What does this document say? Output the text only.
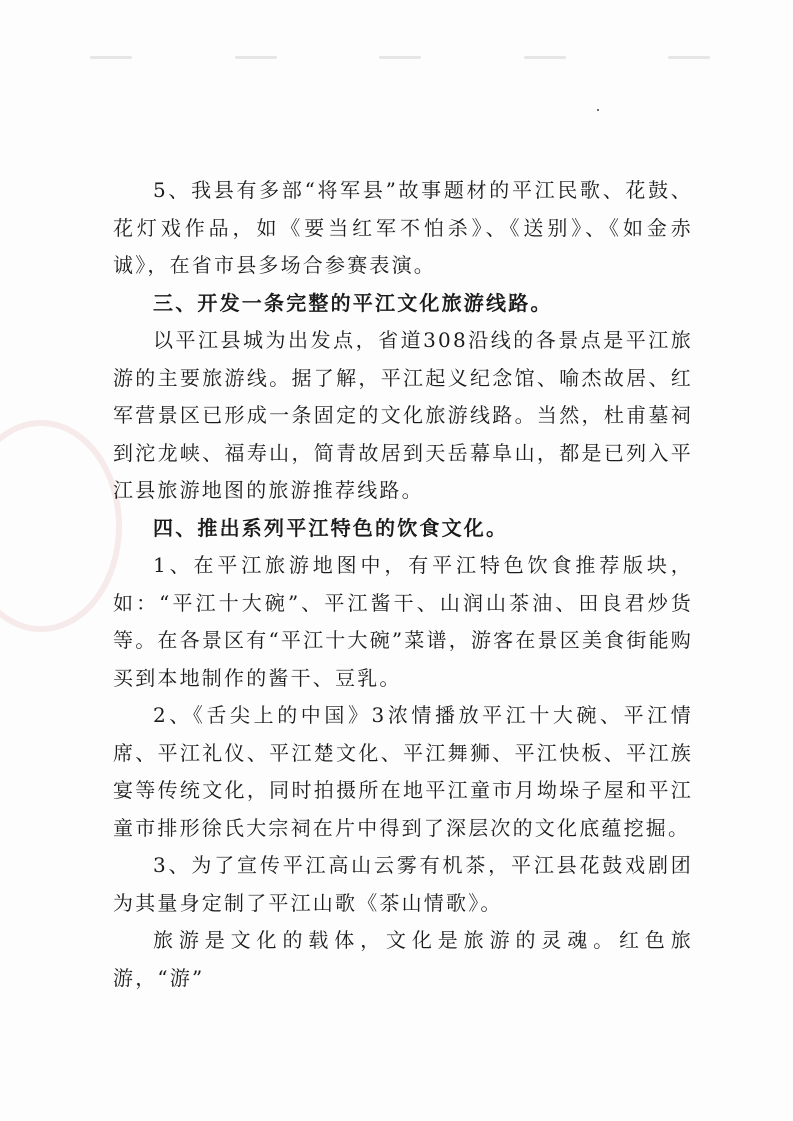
5、我县有多部“将军县”故事题材的平江民歌、花鼓、花灯戏作品，如《要当红军不怕杀》、《送别》、《如金赤诚》，在省市县多场合参赛表演。

三、开发一条完整的平江文化旅游线路。

以平江县城为出发点，省道308沿线的各景点是平江旅游的主要旅游线。据了解，平江起义纪念馆、喻杰故居、红军营景区已形成一条固定的文化旅游线路。当然，杜甫墓祠到沱龙峡、福寿山，简青故居到天岳幕阜山，都是已列入平江县旅游地图的旅游推荐线路。

四、推出系列平江特色的饮食文化。

1、在平江旅游地图中，有平江特色饮食推荐版块，如：“平江十大碗”、平江酱干、山润山茶油、田良君炒货等。在各景区有“平江十大碗”菜谱，游客在景区美食街能购买到本地制作的酱干、豆乳。

2、《舌尖上的中国》3浓情播放平江十大碗、平江情席、平江礼仪、平江楚文化、平江舞狮、平江快板、平江族宴等传统文化，同时拍摄所在地平江童市月坳垛子屋和平江童市排形徐氏大宗祠在片中得到了深层次的文化底蕴挖掘。

3、为了宣传平江高山云雾有机茶，平江县花鼓戏剧团为其量身定制了平江山歌《茶山情歌》。

旅游是文化的载体，文化是旅游的灵魂。红色旅游，“游”
